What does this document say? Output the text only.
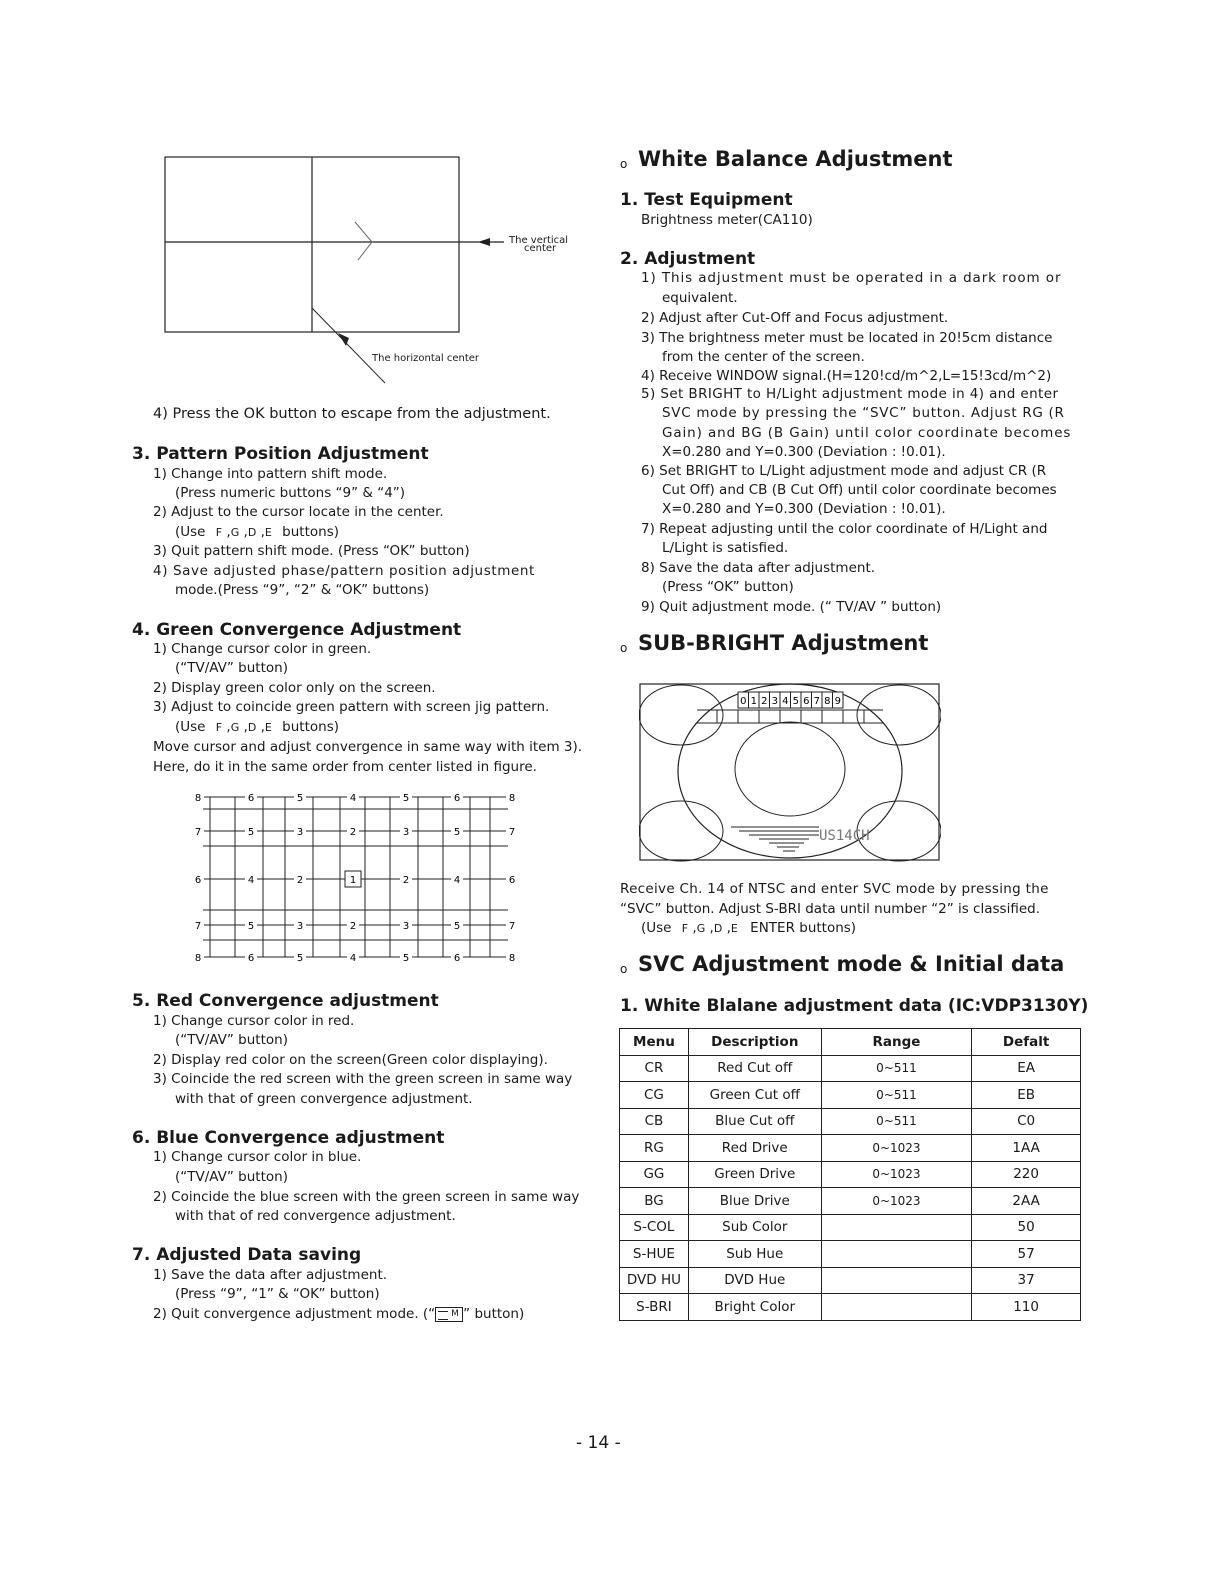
The vertical
center
The horizontal center
4) Press the OK button to escape from the adjustment.
3. Pattern Position Adjustment
1) Change into pattern shift mode.
(Press numeric buttons “9” & “4”)
2) Adjust to the cursor locate in the center.
(Use F ,G ,D ,E buttons)
3) Quit pattern shift mode. (Press “OK” button)
4) Save adjusted phase/pattern position adjustment
mode.(Press “9”, “2” & “OK” buttons)
4. Green Convergence Adjustment
1) Change cursor color in green.
(“TV/AV” button)
2) Display green color only on the screen.
3) Adjust to coincide green pattern with screen jig pattern.
(Use F ,G ,D ,E buttons)
Move cursor and adjust convergence in same way with item 3).
Here, do it in the same order from center listed in figure.
8	6	5	4	5	6	8
7	5	3	2	3	5	7
6	4	2	1	2	4	6
7	5	3	2	3	5	7
8	6	5	4	5	6	8
5. Red Convergence adjustment
1) Change cursor color in red.
(“TV/AV” button)
2) Display red color on the screen(Green color displaying).
3) Coincide the red screen with the green screen in same way
with that of green convergence adjustment.
6. Blue Convergence adjustment
1) Change cursor color in blue.
(“TV/AV” button)
2) Coincide the blue screen with the green screen in same way
with that of red convergence adjustment.
7. Adjusted Data saving
1) Save the data after adjustment.
(Press “9”, “1” & “OK” button)
2) Quit convergence adjustment mode. (“ M ” button)
o White Balance Adjustment
1. Test Equipment
Brightness meter(CA110)
2. Adjustment
1) This adjustment must be operated in a dark room or
equivalent.
2) Adjust after Cut-Off and Focus adjustment.
3) The brightness meter must be located in 20!5cm distance
from the center of the screen.
4) Receive WINDOW signal.(H=120!cd/m^2,L=15!3cd/m^2)
5) Set BRIGHT to H/Light adjustment mode in 4) and enter
SVC mode by pressing the “SVC” button. Adjust RG (R
Gain) and BG (B Gain) until color coordinate becomes
X=0.280 and Y=0.300 (Deviation : !0.01).
6) Set BRIGHT to L/Light adjustment mode and adjust CR (R
Cut Off) and CB (B Cut Off) until color coordinate becomes
X=0.280 and Y=0.300 (Deviation : !0.01).
7) Repeat adjusting until the color coordinate of H/Light and
L/Light is satisfied.
8) Save the data after adjustment.
(Press “OK” button)
9) Quit adjustment mode. (“ TV/AV ” button)
o SUB-BRIGHT Adjustment
0 1 2 3 4 5 6 7 8 9
US14CH
Receive Ch. 14 of NTSC and enter SVC mode by pressing the
“SVC” button. Adjust S-BRI data until number “2” is classified.
(Use F ,G ,D ,E ENTER buttons)
o SVC Adjustment mode & Initial data
1. White Blalane adjustment data (IC:VDP3130Y)
Menu	Description	Range	Defalt
CR	Red Cut off	0~511	EA
CG	Green Cut off	0~511	EB
CB	Blue Cut off	0~511	C0
RG	Red Drive	0~1023	1AA
GG	Green Drive	0~1023	220
BG	Blue Drive	0~1023	2AA
S-COL	Sub Color		50
S-HUE	Sub Hue		57
DVD HU	DVD Hue		37
S-BRI	Bright Color		110
- 14 -
